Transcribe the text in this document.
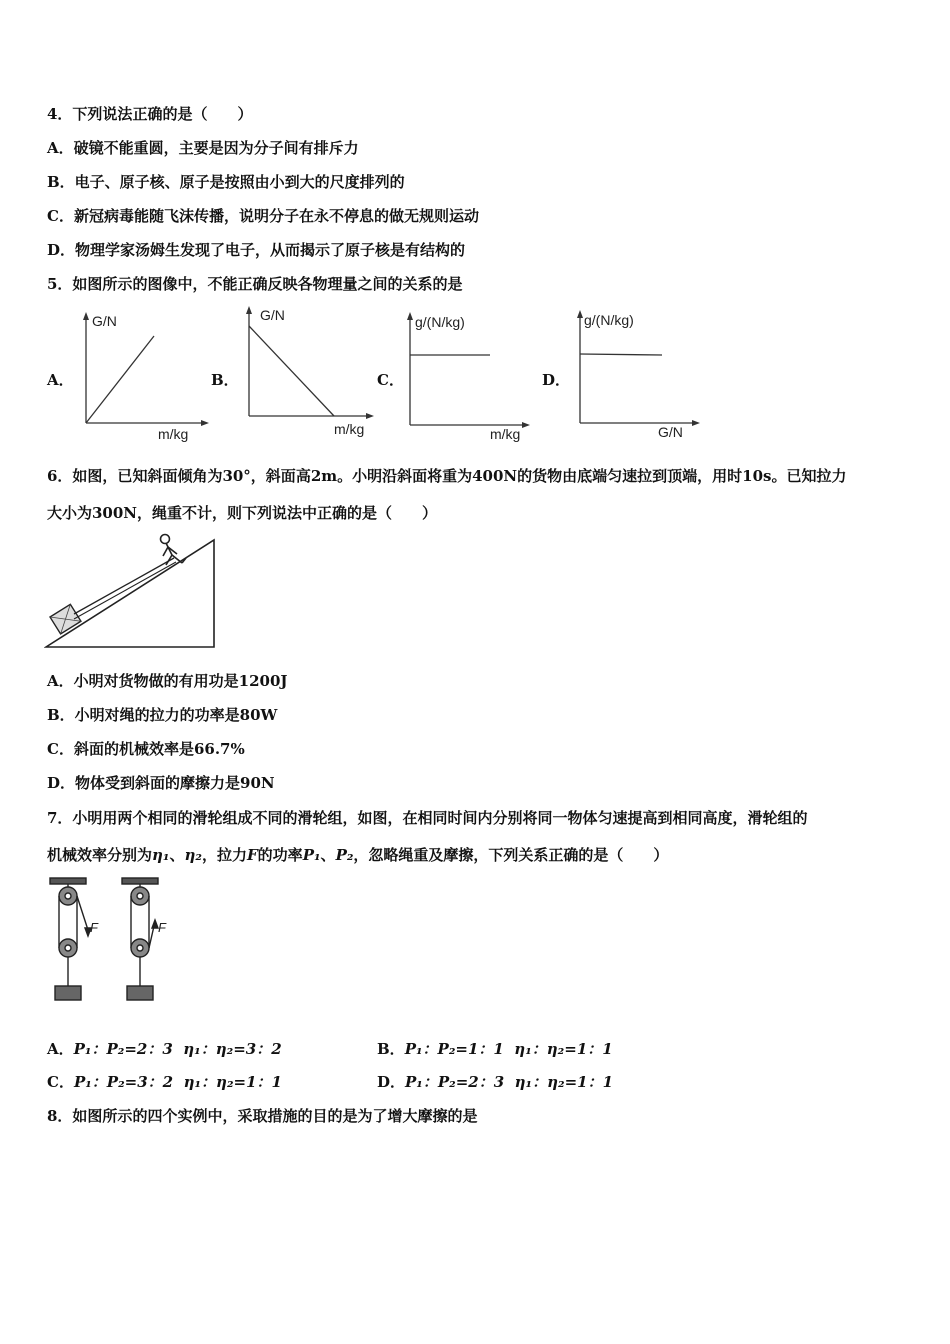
4．下列说法正确的是（　　）
A．破镜不能重圆，主要是因为分子间有排斥力
B．电子、原子核、原子是按照由小到大的尺度排列的
C．新冠病毒能随飞沫传播，说明分子在永不停息的做无规则运动
D．物理学家汤姆生发现了电子，从而揭示了原子核是有结构的
5．如图所示的图像中，不能正确反映各物理量之间的关系的是
A．
G/N
m/kg
B．
G/N
m/kg
C．
g/(N/kg)
m/kg
D．
g/(N/kg)
G/N
6．如图，已知斜面倾角为30°，斜面高2m。小明沿斜面将重为400N的货物由底端匀速拉到顶端，用时10s。已知拉力
大小为300N，绳重不计，则下列说法中正确的是（　　）
A．小明对货物做的有用功是1200J
B．小明对绳的拉力的功率是80W
C．斜面的机械效率是66.7%
D．物体受到斜面的摩擦力是90N
7．小明用两个相同的滑轮组成不同的滑轮组，如图，在相同时间内分别将同一物体匀速提高到相同高度，滑轮组的
机械效率分别为η₁、η₂，拉力F的功率P₁、P₂，忽略绳重及摩擦，下列关系正确的是（　　）
F	F
A．P₁：P₂=2：3 η₁：η₂=3：2	B．P₁：P₂=1：1 η₁：η₂=1：1
C．P₁：P₂=3：2 η₁：η₂=1：1	D．P₁：P₂=2：3 η₁：η₂=1：1
8．如图所示的四个实例中，采取措施的目的是为了增大摩擦的是
